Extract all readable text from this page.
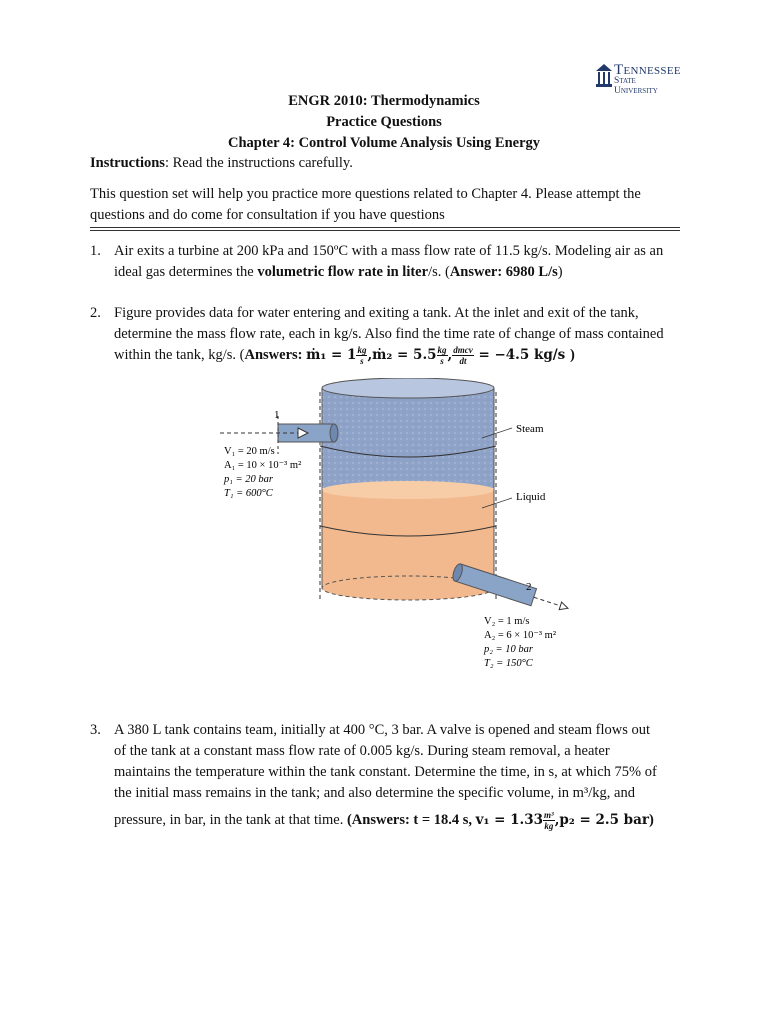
Tennessee
State University
ENGR 2010: Thermodynamics
Practice Questions
Chapter 4: Control Volume Analysis Using Energy
Instructions: Read the instructions carefully.
This question set will help you practice more questions related to Chapter 4. Please attempt the
questions and do come for consultation if you have questions
1. Air exits a turbine at 200 kPa and 150ºC with a mass flow rate of 11.5 kg/s. Modeling air as an
ideal gas determines the volumetric flow rate in liter/s. (Answer: 6980 L/s)
2. Figure provides data for water entering and exiting a tank. At the inlet and exit of the tank,
determine the mass flow rate, each in kg/s. Also find the time rate of change of mass contained
within the tank, kg/s. (Answers: ṁ₁ = $1 \frac{kg}{s}$ ,ṁ₂ = $5.5 \frac{kg}{s}$ , $\frac{\text{dmcv}}{dt} = -4.5$ kg/s )
1
2
Steam
Liquid
V₁ = 20 m/s
A₁ = 10 × 10⁻³ m²
p₁ = 20 bar
T₁ = 600°C
V₂ = 1 m/s
A₂ = 6 × 10⁻³ m²
p₂ = 10 bar
T₂ = 150°C
3. A 380 L tank contains team, initially at 400 °C, 3 bar. A valve is opened and steam flows out
of the tank at a constant mass flow rate of 0.005 kg/s. During steam removal, a heater
maintains the temperature within the tank constant. Determine the time, in s, at which 75% of
the initial mass remains in the tank; and also determine the specific volume, in m³/kg, and
pressure, in bar, in the tank at that time. (Answers: t = 18.4 s, $v_1 = 1.33 \frac{\text{m³}}{kg} ,p_2 = 2.5$ bar)
